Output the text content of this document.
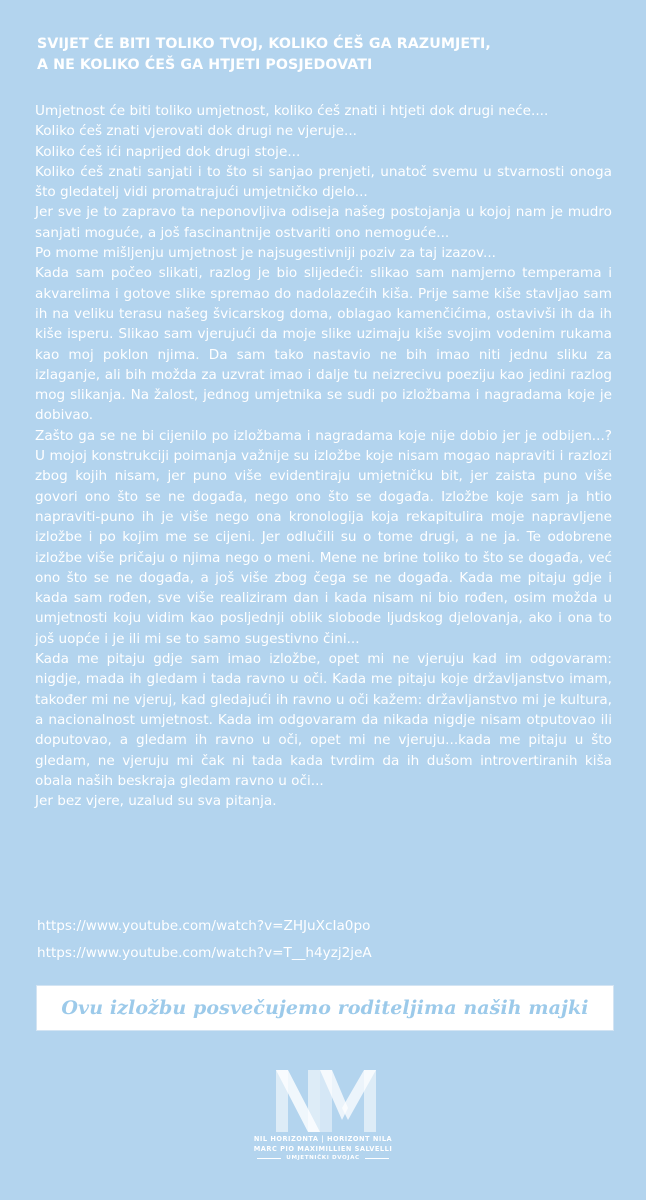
SVIJET ĆE BITI TOLIKO TVOJ, KOLIKO ĆEŠ GA RAZUMJETI,
A NE KOLIKO ĆEŠ GA HTJETI POSJEDOVATI

Umjetnost će biti toliko umjetnost, koliko ćeš znati i htjeti dok drugi neće....

Koliko ćeš znati vjerovati dok drugi ne vjeruje...

Koliko ćeš ići naprijed dok drugi stoje...

Koliko ćeš znati sanjati i to što si sanjao prenjeti, unatoč svemu u stvarnosti onoga što gledatelj vidi promatrajući umjetničko djelo...

Jer sve je to zapravo ta neponovljiva odiseja našeg postojanja u kojoj nam je mudro sanjati moguće, a još fascinantnije ostvariti ono nemoguće...

Po mome mišljenju umjetnost je najsugestivniji poziv za taj izazov...

Kada sam počeo slikati, razlog je bio slijedeći: slikao sam namjerno temperama i akvarelima i gotove slike spremao do nadolazećih kiša. Prije same kiše stavljao sam ih na veliku terasu našeg švicarskog doma, oblagao kamenčićima, ostavivši ih da ih kiše isperu. Slikao sam vjerujući da moje slike uzimaju kiše svojim vodenim rukama kao moj poklon njima. Da sam tako nastavio ne bih imao niti jednu sliku za izlaganje, ali bih možda za uzvrat imao i dalje tu neizrecivu poeziju kao jedini razlog mog slikanja. Na žalost, jednog umjetnika se sudi po izložbama i nagradama koje je dobivao.

Zašto ga se ne bi cijenilo po izložbama i nagradama koje nije dobio jer je odbijen...? U mojoj konstrukciji poimanja važnije su izložbe koje nisam mogao napraviti i razlozi zbog kojih nisam, jer puno više evidentiraju umjetničku bit, jer zaista puno više govori ono što se ne događa, nego ono što se događa. Izložbe koje sam ja htio napraviti-puno ih je više nego ona kronologija koja rekapitulira moje napravljene izložbe i po kojim me se cijeni. Jer odlučili su o tome drugi, a ne ja. Te odobrene izložbe više pričaju o njima nego o meni. Mene ne brine toliko to što se događa, već ono što se ne događa, a još više zbog čega se ne događa. Kada me pitaju gdje i kada sam rođen, sve više realiziram dan i kada nisam ni bio rođen, osim možda u umjetnosti koju vidim kao posljednji oblik slobode ljudskog djelovanja, ako i ona to još uopće i je ili mi se to samo sugestivno čini...

Kada me pitaju gdje sam imao izložbe, opet mi ne vjeruju kad im odgovaram: nigdje, mada ih gledam i tada ravno u oči. Kada me pitaju koje državljanstvo imam, također mi ne vjeruj, kad gledajući ih ravno u oči kažem: državljanstvo mi je kultura, a nacionalnost umjetnost. Kada im odgovaram da nikada nigdje nisam otputovao ili doputovao, a gledam ih ravno u oči, opet mi ne vjeruju...kada me pitaju u što gledam, ne vjeruju mi čak ni tada kada tvrdim da ih dušom introvertiranih kiša obala naših beskraja gledam ravno u oči...

Jer bez vjere, uzalud su sva pitanja.

https://www.youtube.com/watch?v=ZHJuXcIa0po
https://www.youtube.com/watch?v=T__h4yzj2jeA
Ovu izložbu posvečujemo roditeljima naših majki
NIL HORIZONTA | HORIZONT NILA
MARC PIO MAXIMILLIEN SALVELLI
UMJETNIČKI DVOJAC
